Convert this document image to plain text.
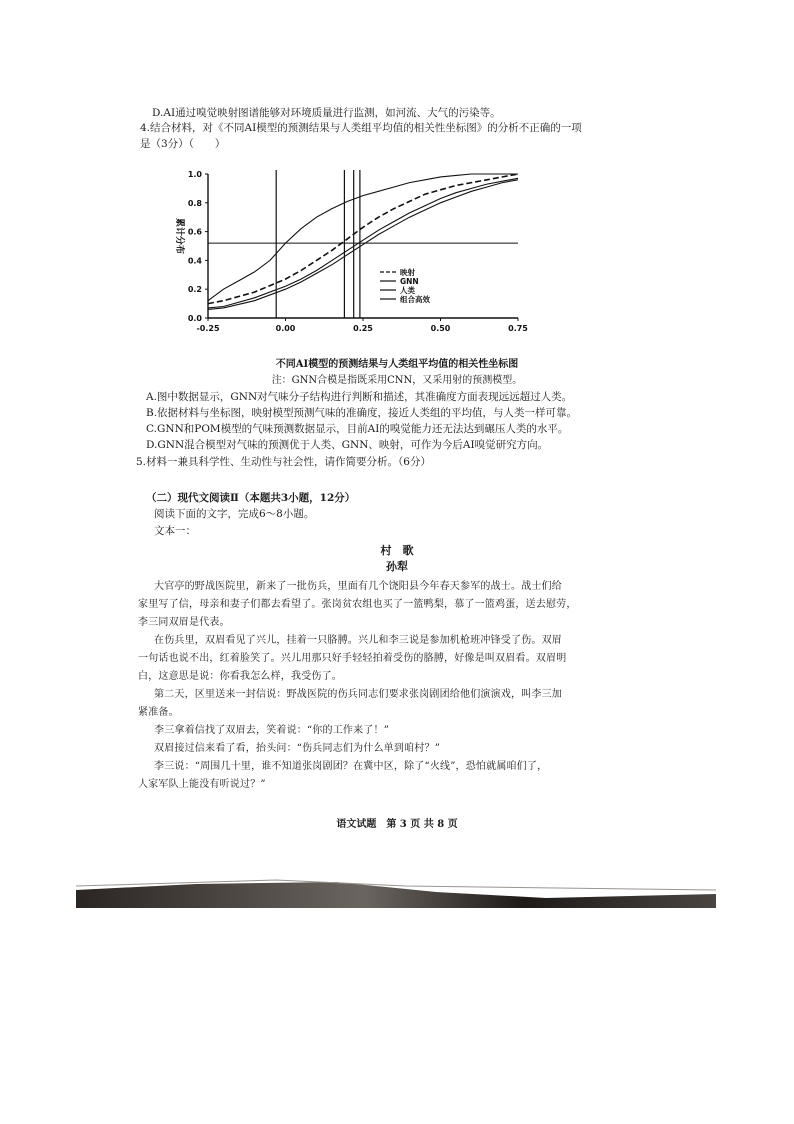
D.AI通过嗅觉映射图谱能够对环境质量进行监测，如河流、大气的污染等。
4.结合材料，对《不同AI模型的预测结果与人类组平均值的相关性坐标图》的分析不正确的一项
是（3分）（　　）
映射
GNN
人类
组合高效
-0.25	0.00	0.25	0.50	0.75
0.0
0.2
0.4
0.6
0.8
1.0
累计分布
不同AI模型的预测结果与人类组平均值的相关性坐标图
注：GNN合模是指既采用CNN，又采用射的预测模型。
A.图中数据显示，GNN对气味分子结构进行判断和描述，其准确度方面表现远远超过人类。
B.依据材料与坐标图，映射模型预测气味的准确度，接近人类组的平均值，与人类一样可靠。
C.GNN和POM模型的气味预测数据显示，目前AI的嗅觉能力还无法达到碾压人类的水平。
D.GNN混合模型对气味的预测优于人类、GNN、映射，可作为今后AI嗅觉研究方向。
5.材料一兼具科学性、生动性与社会性，请作简要分析。（6分）
（二）现代文阅读Ⅱ（本题共3小题，12分）
阅读下面的文字，完成6～8小题。
文本一：
村　歌
孙犁
大官亭的野战医院里，新来了一批伤兵，里面有几个饶阳县今年春天参军的战士。战士们给
家里写了信，母亲和妻子们都去看望了。张岗贫农组也买了一篮鸭梨，慕了一篮鸡蛋，送去慰劳，
李三同双眉是代表。
在伤兵里，双眉看见了兴儿，挂着一只胳膊。兴儿和李三说是参加机枪班冲锋受了伤。双眉
一句话也说不出，红着脸笑了。兴儿用那只好手轻轻拍着受伤的胳膊，好像是叫双眉看。双眉明
白，这意思是说：你看我怎么样，我受伤了。
第二天，区里送来一封信说：野战医院的伤兵同志们要求张岗剧团给他们演演戏，叫李三加
紧准备。
李三拿着信找了双眉去，笑着说：“你的工作来了！”
双眉接过信来看了看，抬头问：“伤兵同志们为什么单到咱村？”
李三说：“周围几十里，谁不知道张岗剧团？在冀中区，除了“火线”，恐怕就属咱们了，
人家军队上能没有听说过？”
语文试题　第 3 页 共 8 页
